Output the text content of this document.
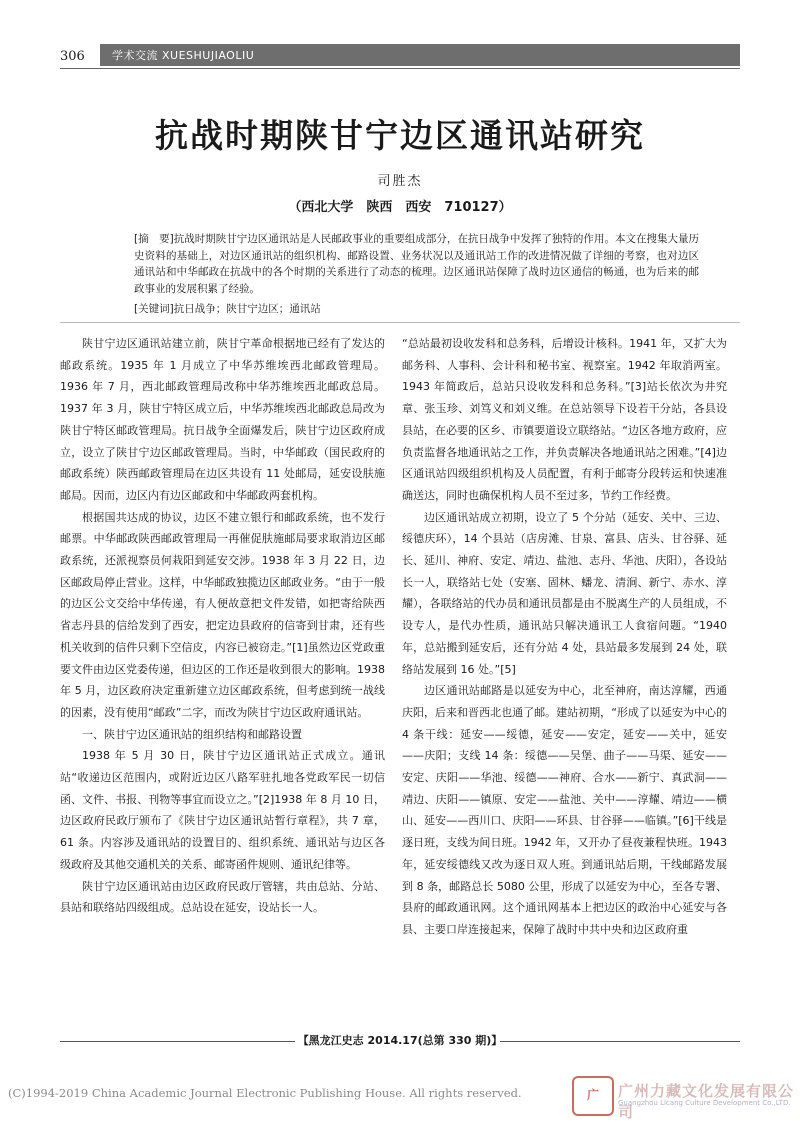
306 学术交流 XUESHUJIAOLIU
抗战时期陕甘宁边区通讯站研究
司胜杰
（西北大学　陕西　西安　710127）
[摘　要]抗战时期陕甘宁边区通讯站是人民邮政事业的重要组成部分，在抗日战争中发挥了独特的作用。本文在搜集大量历史资料的基础上，对边区通讯站的组织机构、邮路设置、业务状况以及通讯站工作的改进情况做了详细的考察，也对边区通讯站和中华邮政在抗战中的各个时期的关系进行了动态的梳理。边区通讯站保障了战时边区通信的畅通，也为后来的邮政事业的发展积累了经验。
[关键词]抗日战争；陕甘宁边区；通讯站

陕甘宁边区通讯站建立前，陕甘宁革命根据地已经有了发达的邮政系统。1935 年 1 月成立了中华苏维埃西北邮政管理局。1936 年 7 月，西北邮政管理局改称中华苏维埃西北邮政总局。1937 年 3 月，陕甘宁特区成立后，中华苏维埃西北邮政总局改为陕甘宁特区邮政管理局。抗日战争全面爆发后，陕甘宁边区政府成立，设立了陕甘宁边区邮政管理局。当时，中华邮政（国民政府的邮政系统）陕西邮政管理局在边区共设有 11 处邮局，延安设肤施邮局。因而，边区内有边区邮政和中华邮政两套机构。

根据国共达成的协议，边区不建立银行和邮政系统，也不发行邮票。中华邮政陕西邮政管理局一再催促肤施邮局要求取消边区邮政系统，还派视察员何栽阳到延安交涉。1938 年 3 月 22 日，边区邮政局停止营业。这样，中华邮政独揽边区邮政业务。“由于一般的边区公文交给中华传递，有人便故意把文件发错，如把寄给陕西省志丹县的信给发到了西安，把定边县政府的信寄到甘肃，还有些机关收到的信件只剩下空信皮，内容已被窃走。”[1]虽然边区党政重要文件由边区党委传递，但边区的工作还是收到很大的影响。1938 年 5 月，边区政府决定重新建立边区邮政系统，但考虑到统一战线的因素，没有使用“邮政”二字，而改为陕甘宁边区政府通讯站。

一、陕甘宁边区通讯站的组织结构和邮路设置

1938 年 5 月 30 日，陕甘宁边区通讯站正式成立。通讯站“收递边区范围内，或附近边区八路军驻扎地各党政军民一切信函、文件、书报、刊物等事宜而设立之。”[2]1938 年 8 月 10 日，边区政府民政厅颁布了《陕甘宁边区通讯站暂行章程》，共 7 章，61 条。内容涉及通讯站的设置目的、组织系统、通讯站与边区各级政府及其他交通机关的关系、邮寄函件规则、通讯纪律等。

陕甘宁边区通讯站由边区政府民政厅管辖，共由总站、分站、县站和联络站四级组成。总站设在延安，设站长一人。

“总站最初设收发科和总务科，后增设计核科。1941 年，又扩大为邮务科、人事科、会计科和秘书室、视察室。1942 年取消两室。1943 年简政后，总站只设收发科和总务科。”[3]站长依次为井究章、张玉珍、刘笃义和刘义维。在总站领导下设若干分站，各县设县站，在必要的区乡、市镇要道设立联络站。“边区各地方政府，应负责监督各地通讯站之工作，并负责解决各地通讯站之困难。”[4]边区通讯站四级组织机构及人员配置，有利于邮寄分段转运和快速准确送达，同时也确保机构人员不至过多，节约工作经费。

边区通讯站成立初期，设立了 5 个分站（延安、关中、三边、绥德庆环），14 个县站（店房滩、甘泉、富县、店头、甘谷驿、延长、延川、神府、安定、靖边、盐池、志丹、华池、庆阳），各设站长一人，联络站七处（安塞、固林、蟠龙、清涧、新宁、赤水、淳耀），各联络站的代办员和通讯员都是由不脱离生产的人员组成，不设专人，是代办性质，通讯站只解决通讯工人食宿问题。“1940 年，总站搬到延安后，还有分站 4 处，县站最多发展到 24 处，联络站发展到 16 处。”[5]

边区通讯站邮路是以延安为中心，北至神府，南达淳耀，西通庆阳，后来和晋西北也通了邮。建站初期，“形成了以延安为中心的 4 条干线：延安——绥德，延安——安定，延安——关中，延安——庆阳；支线 14 条：绥德——吴堡、曲子——马渠、延安——安定、庆阳——华池、绥德——神府、合水——新宁、真武洞——靖边、庆阳——镇原、安定——盐池、关中——淳耀、靖边——横山、延安——西川口、庆阳——环县、甘谷驿——临镇。”[6]干线是逐日班，支线为间日班。1942 年，又开办了昼夜兼程快班。1943 年，延安绥德线又改为逐日双人班。到通讯站后期，干线邮路发展到 8 条，邮路总长 5080 公里，形成了以延安为中心，至各专署、县府的邮政通讯网。这个通讯网基本上把边区的政治中心延安与各县、主要口岸连接起来，保障了战时中共中央和边区政府重

【黑龙江史志 2014.17(总第 330 期)】
(C)1994-2019 China Academic Journal Electronic Publishing House. All rights reserved.	广	广州力藏文化发展有限公司
Guangzhou Licang Culture Development Co.,LTD.
